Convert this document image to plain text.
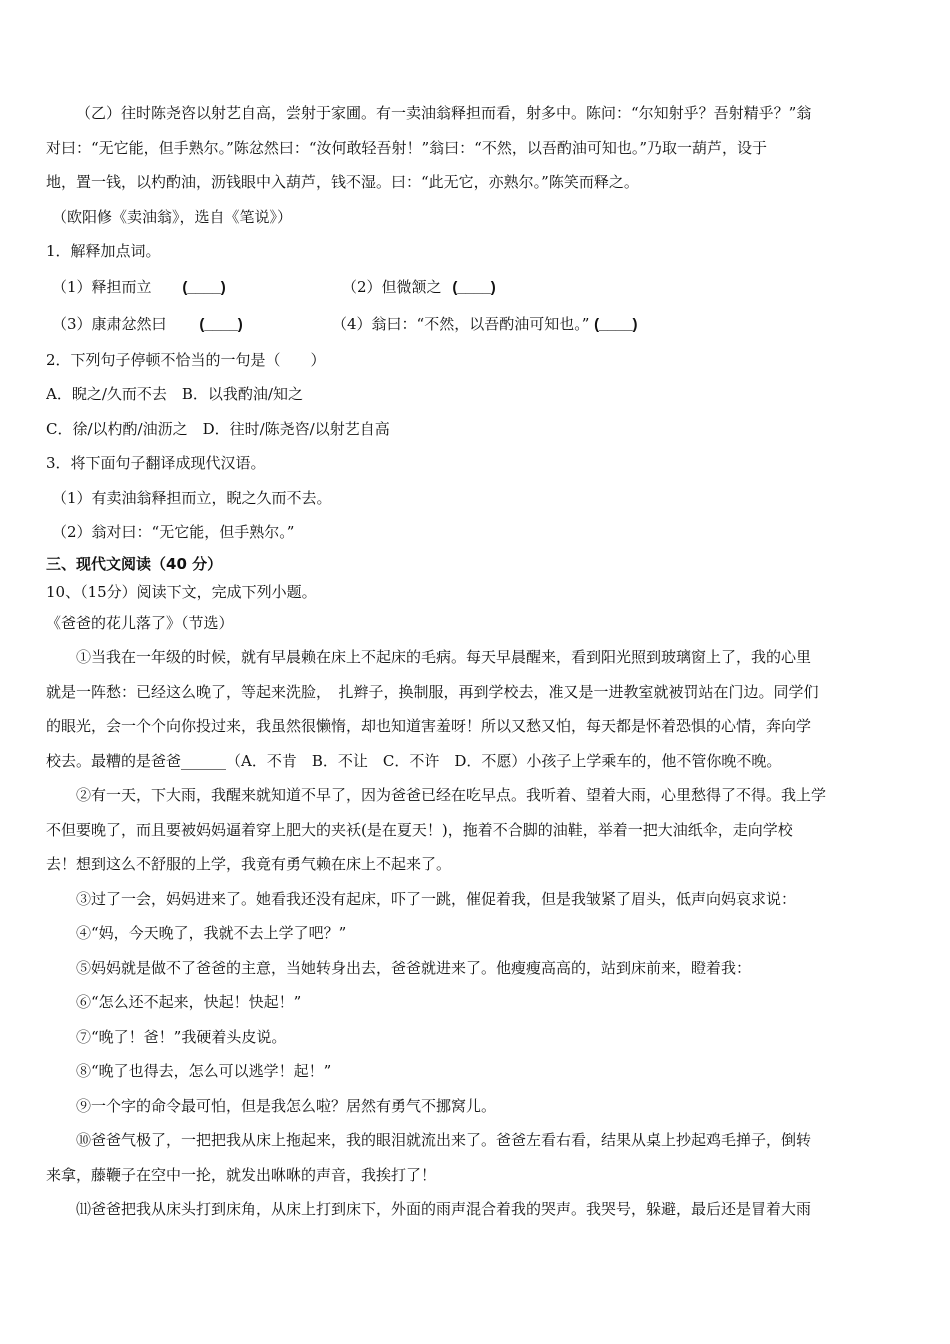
（乙）往时陈尧咨以射艺自高，尝射于家圃。有一卖油翁释担而看，射多中。陈问：“尔知射乎？吾射精乎？”翁
对曰：“无它能，但手熟尔。”陈忿然曰：“汝何敢轻吾射！”翁曰：“不然，以吾酌油可知也。”乃取一葫芦，设于
地，置一钱，以杓酌油，沥钱眼中入葫芦，钱不湿。曰：“此无它，亦熟尔。”陈笑而释之。
（欧阳修《卖油翁》，选自《笔说》）
1．解释加点词。
（1）释担而立 (____)	（2）但微颔之 (____)
（3）康肃忿然曰 (____)	（4）翁曰：“不然，以吾酌油可知也。” (____)
2．下列句子停顿不恰当的一句是（　　）
A．睨之/久而不去　B．以我酌油/知之
C．徐/以杓酌/油沥之　D．往时/陈尧咨/以射艺自高
3．将下面句子翻译成现代汉语。
（1）有卖油翁释担而立，睨之久而不去。
（2）翁对曰：“无它能，但手熟尔。”
三、现代文阅读（40 分）
10、（15分）阅读下文，完成下列小题。
《爸爸的花儿落了》（节选）
①当我在一年级的时候，就有早晨赖在床上不起床的毛病。每天早晨醒来，看到阳光照到玻璃窗上了，我的心里
就是一阵愁：已经这么晚了，等起来洗脸，　扎辫子，换制服，再到学校去，准又是一进教室就被罚站在门边。同学们
的眼光，会一个个向你投过来，我虽然很懒惰，却也知道害羞呀！所以又愁又怕，每天都是怀着恐惧的心情，奔向学
校去。最糟的是爸爸______（A．不肯　B．不让　C．不许　D．不愿）小孩子上学乘车的，他不管你晚不晚。
②有一天，下大雨，我醒来就知道不早了，因为爸爸已经在吃早点。我听着、望着大雨，心里愁得了不得。我上学
不但要晚了，而且要被妈妈逼着穿上肥大的夹袄(是在夏天！)，拖着不合脚的油鞋，举着一把大油纸伞，走向学校
去！想到这么不舒服的上学，我竟有勇气赖在床上不起来了。
③过了一会，妈妈进来了。她看我还没有起床，吓了一跳，催促着我，但是我皱紧了眉头，低声向妈哀求说：
④“妈，今天晚了，我就不去上学了吧？”
⑤妈妈就是做不了爸爸的主意，当她转身出去，爸爸就进来了。他瘦瘦高高的，站到床前来，瞪着我：
⑥“怎么还不起来，快起！快起！”
⑦“晚了！爸！”我硬着头皮说。
⑧“晚了也得去，怎么可以逃学！起！”
⑨一个字的命令最可怕，但是我怎么啦？居然有勇气不挪窝儿。
⑩爸爸气极了，一把把我从床上拖起来，我的眼泪就流出来了。爸爸左看右看，结果从桌上抄起鸡毛掸子，倒转
来拿，藤鞭子在空中一抡，就发出咻咻的声音，我挨打了！
⑾爸爸把我从床头打到床角，从床上打到床下，外面的雨声混合着我的哭声。我哭号，躲避，最后还是冒着大雨
